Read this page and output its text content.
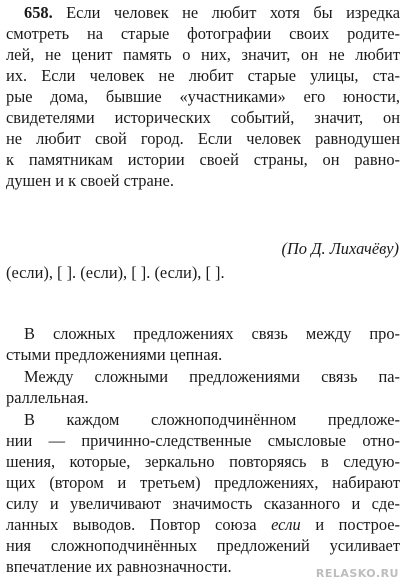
658. Если человек не любит хотя бы изредка
смотреть на старые фотографии своих родите-
лей, не ценит память о них, значит, он не любит
их. Если человек не любит старые улицы, ста-
рые дома, бывшие «участниками» его юности,
свидетелями исторических событий, значит, он
не любит свой город. Если человек равнодушен
к памятникам истории своей страны, он равно-
душен и к своей стране.
(По Д. Лихачёву)
(если), [ ]. (если), [ ]. (если), [ ].
В сложных предложениях связь между про-
стыми предложениями цепная.
Между сложными предложениями связь па-
раллельная.
В каждом сложноподчинённом предложе-
нии — причинно-следственные смысловые отно-
шения, которые, зеркально повторяясь в следую-
щих (втором и третьем) предложениях, набирают
силу и увеличивают значимость сказанного и сде-
ланных выводов. Повтор союза если и построе-
ния сложноподчинённых предложений усиливает
впечатление их равнозначности.	RELASKO.RU
